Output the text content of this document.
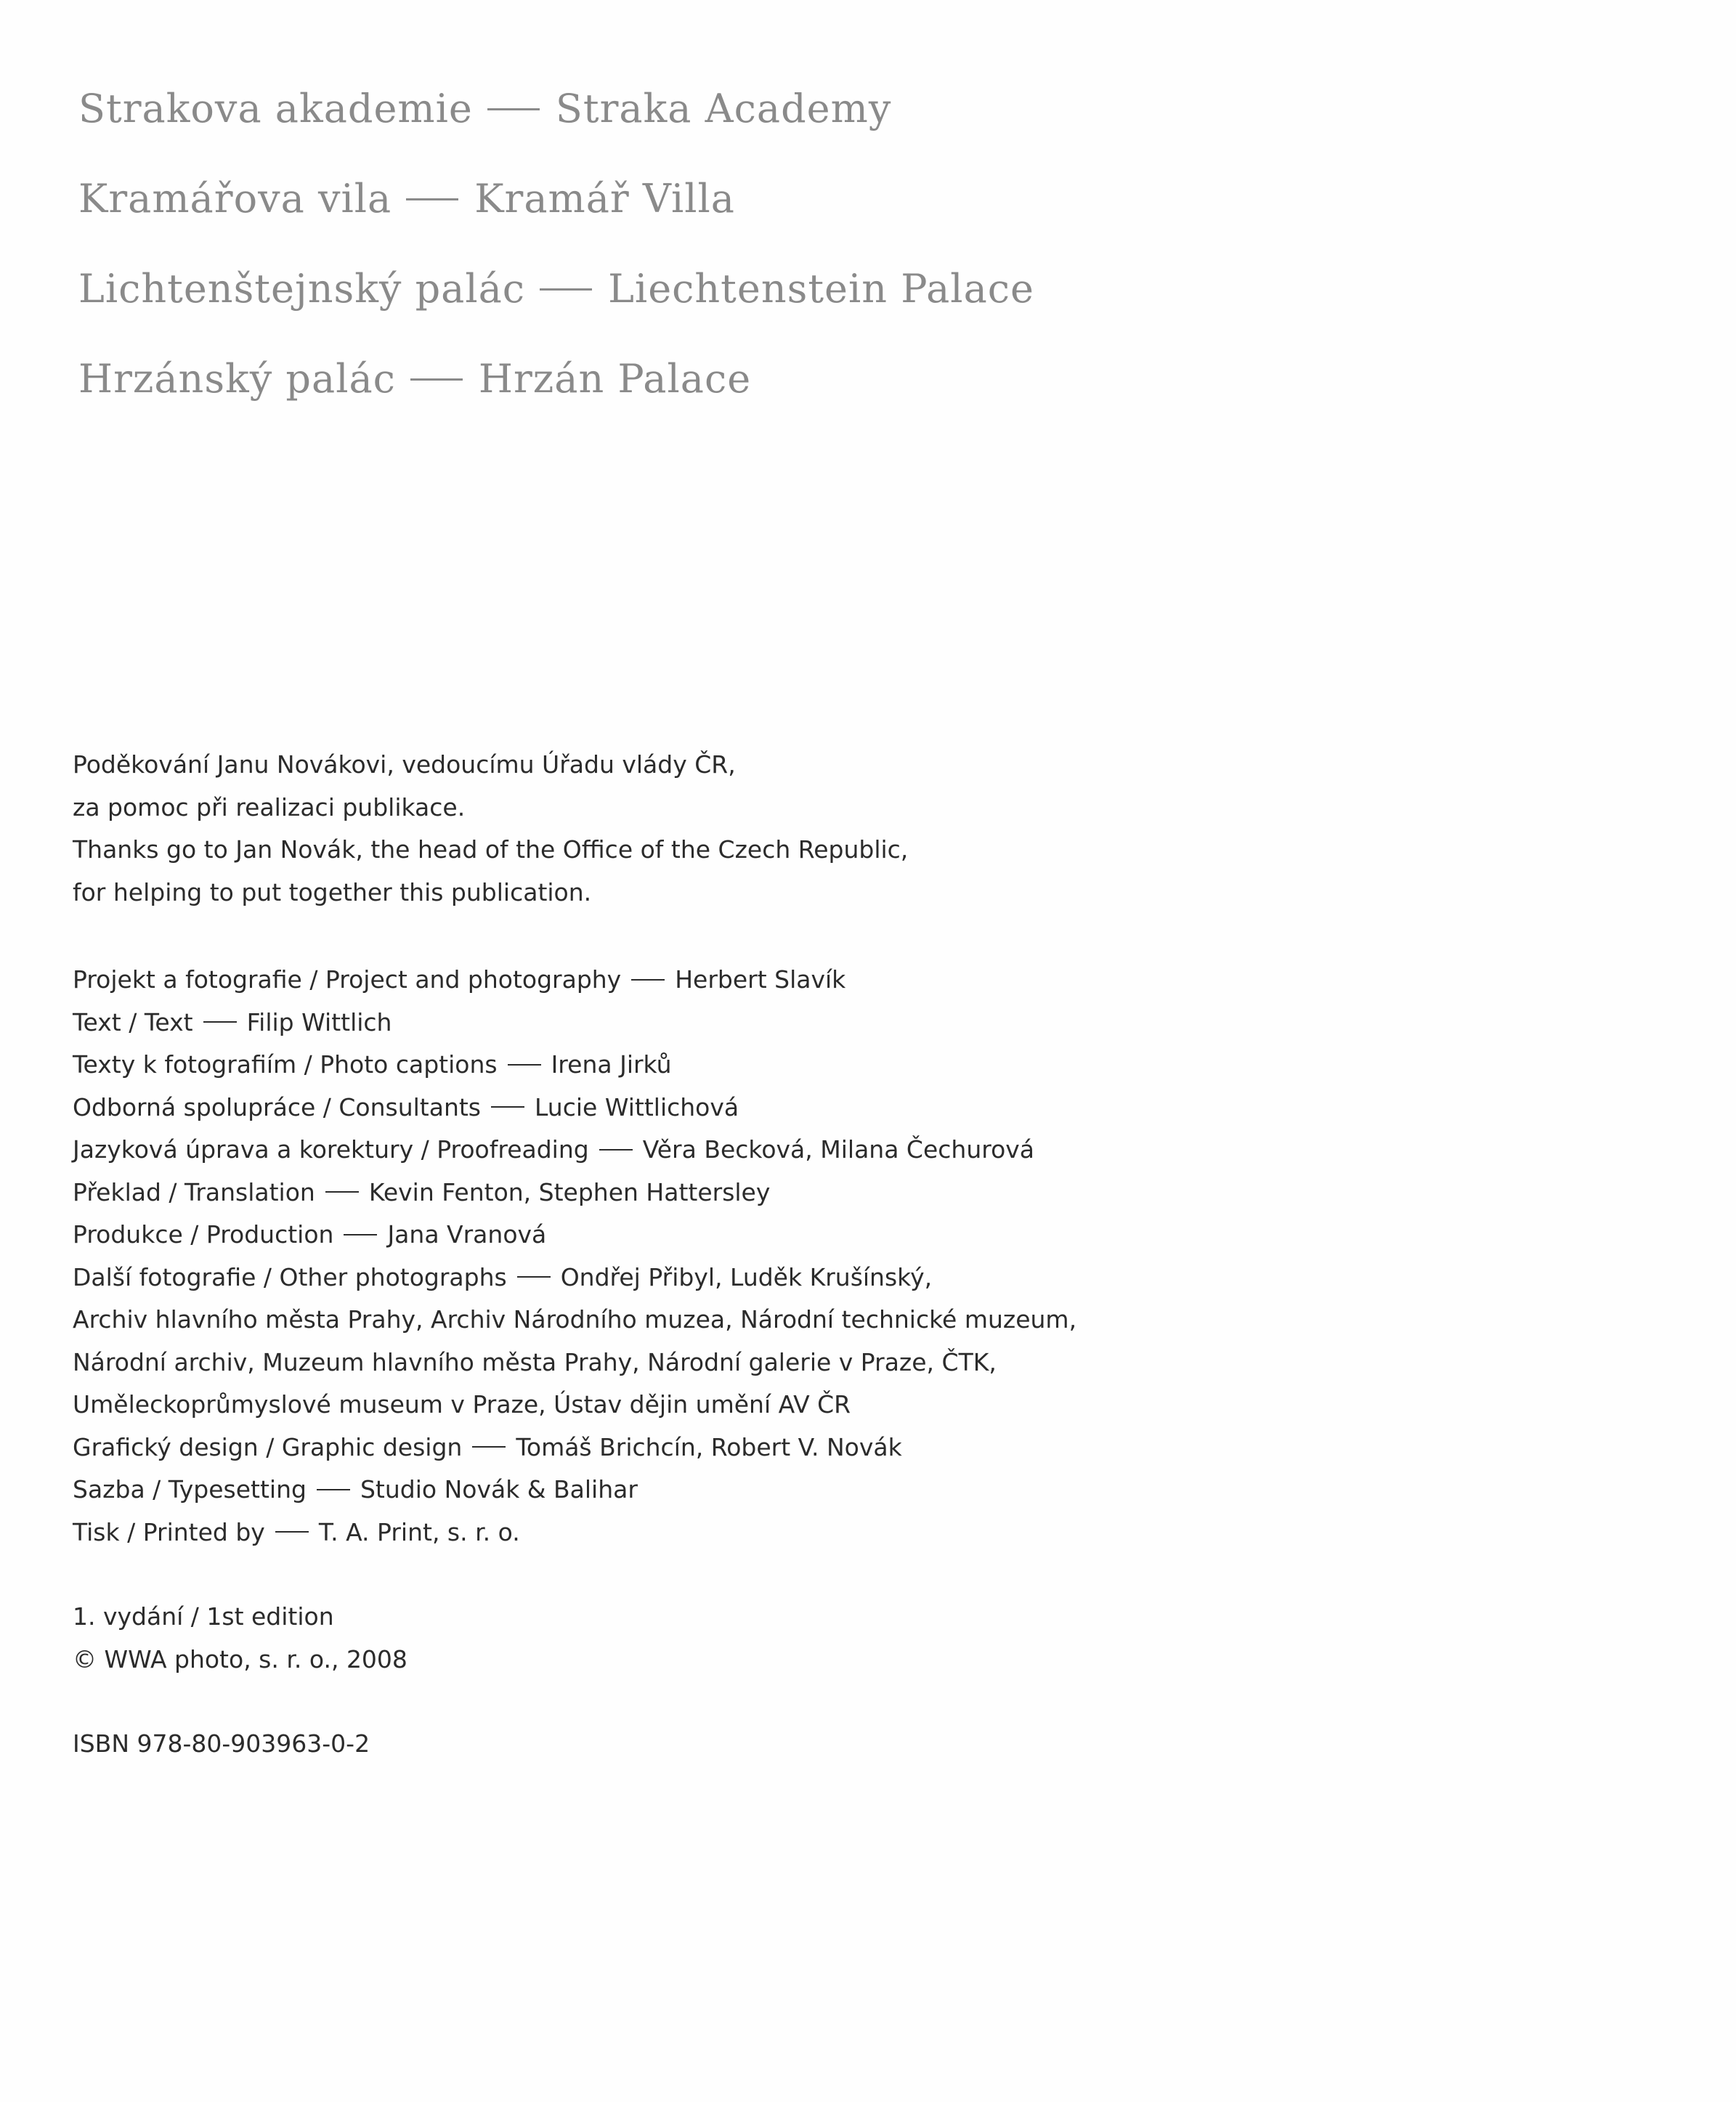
Strakova akademie Straka Academy
Kramářova vila Kramář Villa
Lichtenštejnský palác Liechtenstein Palace
Hrzánský palác Hrzán Palace
Poděkování Janu Novákovi, vedoucímu Úřadu vlády ČR,
za pomoc při realizaci publikace.
Thanks go to Jan Novák, the head of the Office of the Czech Republic,
for helping to put together this publication.
Projekt a fotografie / Project and photography Herbert Slavík
Text / Text Filip Wittlich
Texty k fotografiím / Photo captions Irena Jirků
Odborná spolupráce / Consultants Lucie Wittlichová
Jazyková úprava a korektury / Proofreading Věra Becková, Milana Čechurová
Překlad / Translation Kevin Fenton, Stephen Hattersley
Produkce / Production Jana Vranová
Další fotografie / Other photographs Ondřej Přibyl, Luděk Krušínský,
Archiv hlavního města Prahy, Archiv Národního muzea, Národní technické muzeum,
Národní archiv, Muzeum hlavního města Prahy, Národní galerie v Praze, ČTK,
Uměleckoprůmyslové museum v Praze, Ústav dějin umění AV ČR
Grafický design / Graphic design Tomáš Brichcín, Robert V. Novák
Sazba / Typesetting Studio Novák & Balihar
Tisk / Printed by T. A. Print, s. r. o.
1. vydání / 1st edition
© WWA photo, s. r. o., 2008
ISBN 978-80-903963-0-2
